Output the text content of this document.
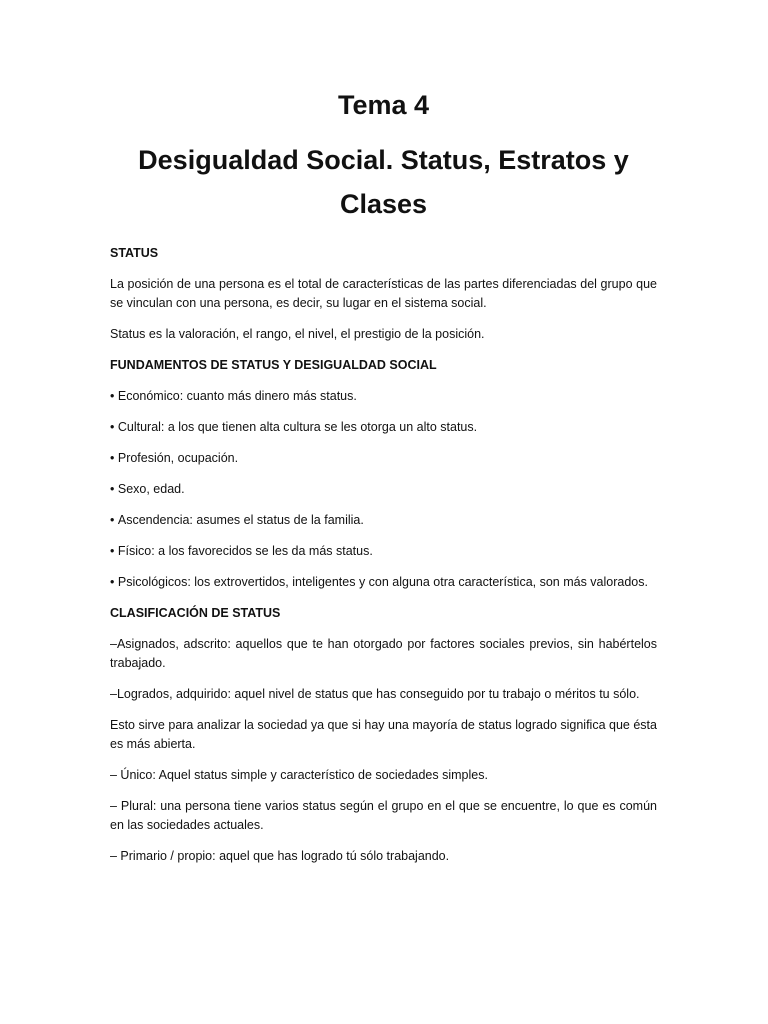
Tema 4
Desigualdad Social. Status, Estratos y Clases
STATUS
La posición de una persona es el total de características de las partes diferenciadas del grupo que se vinculan con una persona, es decir, su lugar en el sistema social.
Status es la valoración, el rango, el nivel, el prestigio de la posición.
FUNDAMENTOS DE STATUS Y DESIGUALDAD SOCIAL
• Económico: cuanto más dinero más status.
• Cultural: a los que tienen alta cultura se les otorga un alto status.
• Profesión, ocupación.
• Sexo, edad.
• Ascendencia: asumes el status de la familia.
• Físico: a los favorecidos se les da más status.
• Psicológicos: los extrovertidos, inteligentes y con alguna otra característica, son más valorados.
CLASIFICACIÓN DE STATUS
–Asignados, adscrito: aquellos que te han otorgado por factores sociales previos, sin habértelos trabajado.
–Logrados, adquirido: aquel nivel de status que has conseguido por tu trabajo o méritos tu sólo.
Esto sirve para analizar la sociedad ya que si hay una mayoría de status logrado significa que ésta es más abierta.
– Único: Aquel status simple y característico de sociedades simples.
– Plural: una persona tiene varios status según el grupo en el que se encuentre, lo que es común en las sociedades actuales.
– Primario / propio: aquel que has logrado tú sólo trabajando.
